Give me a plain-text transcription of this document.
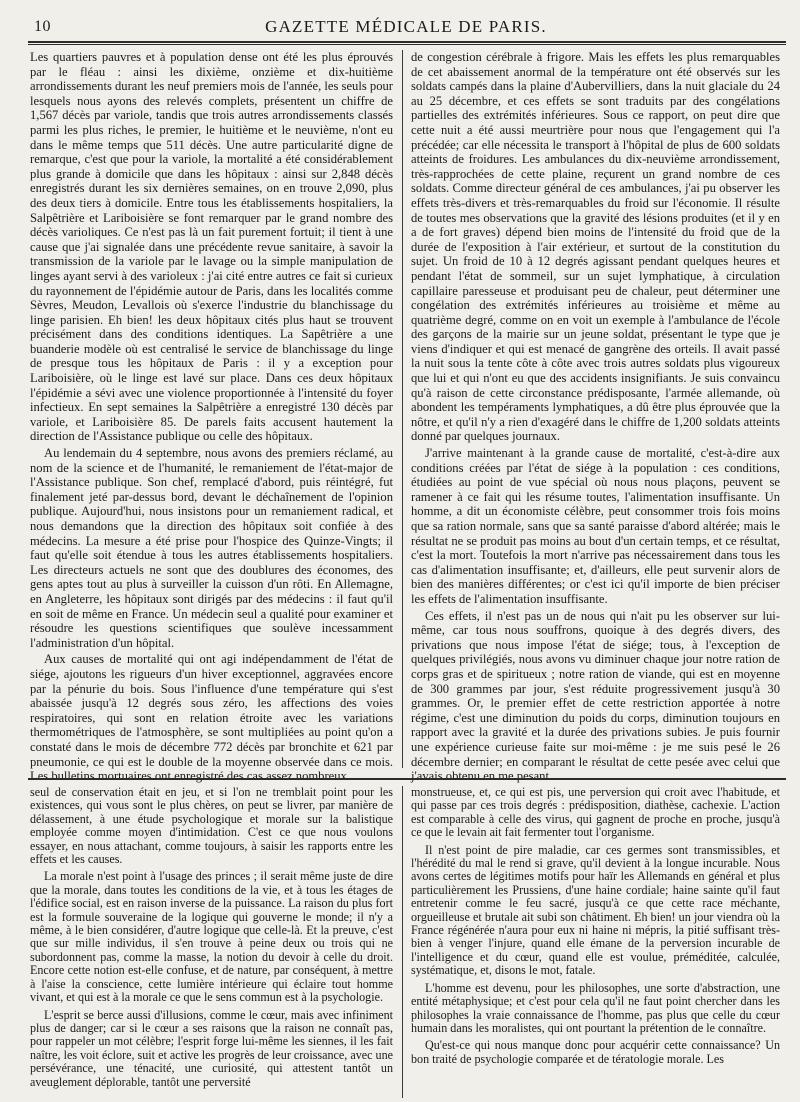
10	GAZETTE MÉDICALE DE PARIS.

Les quartiers pauvres et à population dense ont été les plus éprouvés par le fléau : ainsi les dixième, onzième et dix-huitième arrondissements durant les neuf premiers mois de l'année, les seuls pour lesquels nous ayons des relevés complets, présentent un chiffre de 1,567 décès par variole, tandis que trois autres arrondissements classés parmi les plus riches, le premier, le huitième et le neuvième, n'ont eu dans le même temps que 511 décès. Une autre particularité digne de remarque, c'est que pour la variole, la mortalité a été considérablement plus grande à domicile que dans les hôpitaux : ainsi sur 2,848 décès enregistrés durant les six dernières semaines, on en trouve 2,090, plus des deux tiers à domicile. Entre tous les établissements hospitaliers, la Salpêtrière et Lariboisière se font remarquer par le grand nombre des décès varioliques. Ce n'est pas là un fait purement fortuit; il tient à une cause que j'ai signalée dans une précédente revue sanitaire, à savoir la transmission de la variole par le lavage ou la simple manipulation de linges ayant servi à des varioleux : j'ai cité entre autres ce fait si curieux du rayonnement de l'épidémie autour de Paris, dans les localités comme Sèvres, Meudon, Levallois où s'exerce l'industrie du blanchissage du linge parisien. Eh bien! les deux hôpitaux cités plus haut se trouvent précisément dans des conditions identiques. La Sapêtrière a une buanderie modèle où est centralisé le service de blanchissage du linge de presque tous les hôpitaux de Paris : il y a exception pour Lariboisière, où le linge est lavé sur place. Dans ces deux hôpitaux l'épidémie a sévi avec une violence proportionnée à l'intensité du foyer infectieux. En sept semaines la Salpêtrière a enregistré 130 décès par variole, et Lariboisière 85. De parels faits accusent hautement la direction de l'Assistance publique ou celle des hôpitaux.

Au lendemain du 4 septembre, nous avons des premiers réclamé, au nom de la science et de l'humanité, le remaniement de l'état-major de l'Assistance publique. Son chef, remplacé d'abord, puis réintégré, fut finalement jeté par-dessus bord, devant le déchaînement de l'opinion publique. Aujourd'hui, nous insistons pour un remaniement radical, et nous demandons que la direction des hôpitaux soit confiée à des médecins. La mesure a été prise pour l'hospice des Quinze-Vingts; il faut qu'elle soit étendue à tous les autres établissements hospitaliers. Les directeurs actuels ne sont que des doublures des économes, des gens aptes tout au plus à surveiller la cuisson d'un rôti. En Allemagne, en Angleterre, les hôpitaux sont dirigés par des médecins : il faut qu'il en soit de même en France. Un médecin seul a qualité pour examiner et résoudre les questions scientifiques que soulève incessamment l'administration d'un hôpital.

Aux causes de mortalité qui ont agi indépendamment de l'état de siége, ajoutons les rigueurs d'un hiver exceptionnel, aggravées encore par la pénurie du bois. Sous l'influence d'une température qui s'est abaissée jusqu'à 12 degrés sous zéro, les affections des voies respiratoires, qui sont en relation étroite avec les variations thermométriques de l'atmosphère, se sont multipliées au point qu'on a constaté dans le mois de décembre 772 décès par bronchite et 621 par pneumonie, ce qui est le double de la moyenne observée dans ce mois. Les bulletins mortuaires ont enregistré des cas assez nombreux

de congestion cérébrale à frigore. Mais les effets les plus remarquables de cet abaissement anormal de la température ont été observés sur les soldats campés dans la plaine d'Aubervilliers, dans la nuit glaciale du 24 au 25 décembre, et ces effets se sont traduits par des congélations partielles des extrémités inférieures. Sous ce rapport, on peut dire que cette nuit a été aussi meurtrière pour nous que l'engagement qui l'a précédée; car elle nécessita le transport à l'hôpital de plus de 600 soldats atteints de froidures. Les ambulances du dix-neuvième arrondissement, très-rapprochées de cette plaine, reçurent un grand nombre de ces soldats. Comme directeur général de ces ambulances, j'ai pu observer les effets très-divers et très-remarquables du froid sur l'économie. Il résulte de toutes mes observations que la gravité des lésions produites (et il y en a de fort graves) dépend bien moins de l'intensité du froid que de la durée de l'exposition à l'air extérieur, et surtout de la constitution du sujet. Un froid de 10 à 12 degrés agissant pendant quelques heures et pendant l'état de sommeil, sur un sujet lymphatique, à circulation capillaire paresseuse et produisant peu de chaleur, peut déterminer une congélation des extrémités inférieures au troisième et même au quatrième degré, comme on en voit un exemple à l'ambulance de l'école des garçons de la mairie sur un jeune soldat, présentant le type que je viens d'indiquer et qui est menacé de gangrène des orteils. Il avait passé la nuit sous la tente côte à côte avec trois autres soldats plus vigoureux que lui et qui n'ont eu que des accidents insignifiants. Je suis convaincu qu'à raison de cette circonstance prédisposante, l'armée allemande, où abondent les tempéraments lymphatiques, a dû être plus éprouvée que la nôtre, et qu'il n'y a rien d'exagéré dans le chiffre de 1,200 soldats atteints donné par quelques journaux.

J'arrive maintenant à la grande cause de mortalité, c'est-à-dire aux conditions créées par l'état de siége à la population : ces conditions, étudiées au point de vue spécial où nous nous plaçons, peuvent se ramener à ce fait qui les résume toutes, l'alimentation insuffisante. Un homme, a dit un économiste célèbre, peut consommer trois fois moins que sa ration normale, sans que sa santé paraisse d'abord altérée; mais le résultat ne se produit pas moins au bout d'un certain temps, et ce résultat, c'est la mort. Toutefois la mort n'arrive pas nécessairement dans tous les cas d'alimentation insuffisante; et, d'ailleurs, elle peut survenir alors de bien des manières différentes; or c'est ici qu'il importe de bien préciser les effets de l'alimentation insuffisante.

Ces effets, il n'est pas un de nous qui n'ait pu les observer sur lui-même, car tous nous souffrons, quoique à des degrés divers, des privations que nous impose l'état de siége; tous, à l'exception de quelques privilégiés, nous avons vu diminuer chaque jour notre ration de corps gras et de spiritueux ; notre ration de viande, qui est en moyenne de 300 grammes par jour, s'est réduite progressivement jusqu'à 30 grammes. Or, le premier effet de cette restriction apportée à notre régime, c'est une diminution du poids du corps, diminution toujours en rapport avec la gravité et la durée des privations subies. Je puis fournir une expérience curieuse faite sur moi-même : je me suis pesé le 26 décembre dernier; en comparant le résultat de cette pesée avec celui que j'avais obtenu en me pesant

seul de conservation était en jeu, et si l'on ne tremblait point pour les existences, qui vous sont le plus chères, on peut se livrer, par manière de délassement, à une étude psychologique et morale sur la balistique employée comme moyen d'intimidation. C'est ce que nous voulons essayer, en nous attachant, comme toujours, à saisir les rapports entre les effets et les causes.

La morale n'est point à l'usage des princes ; il serait même juste de dire que la morale, dans toutes les conditions de la vie, et à tous les étages de l'édifice social, est en raison inverse de la puissance. La raison du plus fort est la formule souveraine de la logique qui gouverne le monde; il n'y a même, à le bien considérer, d'autre logique que celle-là. Et la preuve, c'est que sur mille individus, il s'en trouve à peine deux ou trois qui ne subordonnent pas, comme la masse, la notion du devoir à celle du droit. Encore cette notion est-elle confuse, et de nature, par conséquent, à mettre à l'aise la conscience, cette lumière intérieure qui éclaire tout homme vivant, et qui est à la morale ce que le sens commun est à la psychologie.

L'esprit se berce aussi d'illusions, comme le cœur, mais avec infiniment plus de danger; car si le cœur a ses raisons que la raison ne connaît pas, pour rappeler un mot célèbre; l'esprit forge lui-même les siennes, il les fait naître, les voit éclore, suit et active les progrès de leur croissance, avec une persévérance, une ténacité, une curiosité, qui attestent tantôt un aveuglement déplorable, tantôt une perversité

monstrueuse, et, ce qui est pis, une perversion qui croit avec l'habitude, et qui passe par ces trois degrés : prédisposition, diathèse, cachexie. L'action est comparable à celle des virus, qui gagnent de proche en proche, jusqu'à ce que le levain ait fait fermenter tout l'organisme.

Il n'est point de pire maladie, car ces germes sont transmissibles, et l'hérédité du mal le rend si grave, qu'il devient à la longue incurable. Nous avons certes de légitimes motifs pour haïr les Allemands en général et plus particulièrement les Prussiens, d'une haine cordiale; haine sainte qu'il faut entretenir comme le feu sacré, jusqu'à ce que cette race méchante, orgueilleuse et brutale ait subi son châtiment. Eh bien! un jour viendra où la France régénérée n'aura pour eux ni haine ni mépris, la pitié suffisant très-bien à venger l'injure, quand elle émane de la perversion incurable de l'intelligence et du cœur, quand elle est voulue, préméditée, calculée, systématique, et, disons le mot, fatale.

L'homme est devenu, pour les philosophes, une sorte d'abstraction, une entité métaphysique; et c'est pour cela qu'il ne faut point chercher dans les philosophes la vraie connaissance de l'homme, pas plus que celle du cœur humain dans les moralistes, qui ont pourtant la prétention de le connaître.

Qu'est-ce qui nous manque donc pour acquérir cette connaissance? Un bon traité de psychologie comparée et de tératologie morale. Les
